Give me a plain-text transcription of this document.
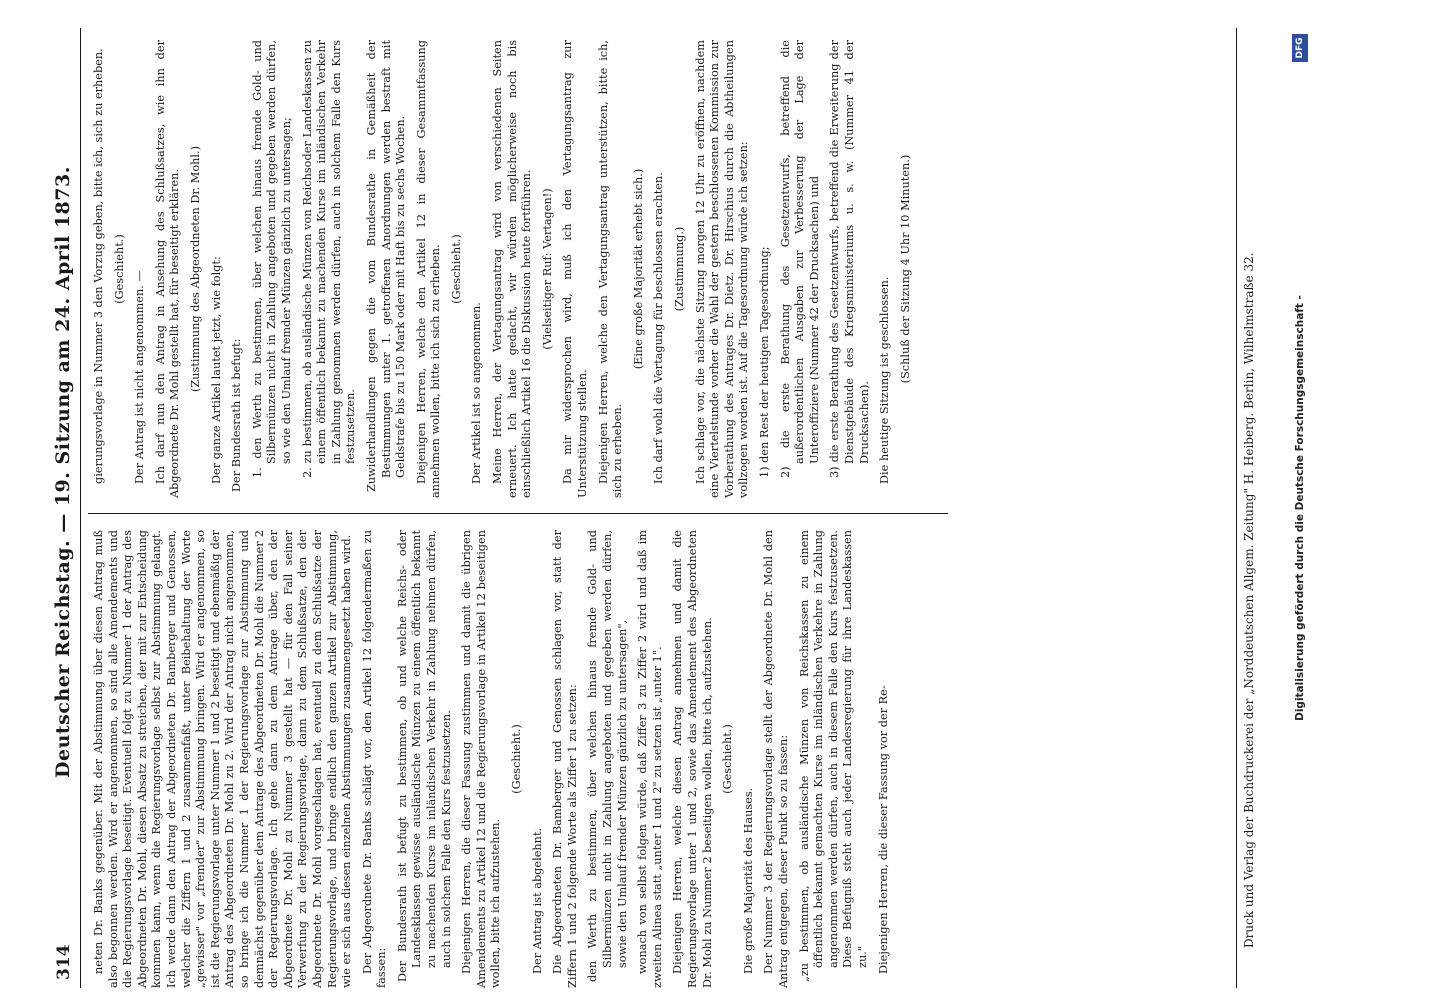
314
Deutscher Reichstag. — 19. Sitzung am 24. April 1873. neten Dr. Banks gegenüber. Mit der Abstimmung über diesen Antrag muß also begonnen werden. Wird er angenommen, so sind alle Amendements und die Regierungsvorlage beseitigt. Eventuell folgt zu Nummer 1 der Antrag des Abgeordneten Dr. Mohl, diesen Absatz zu streichen, der mit zur Entscheidung kommen kann, wenn die Regierungsvorlage selbst zur Abstimmung gelangt. Ich werde dann den Antrag der Abgeordneten Dr. Bamberger und Genossen, welcher die Ziffern 1 und 2 zusammenfaßt, unter Beibehaltung der Worte „gewisser" vor „fremder" zur Abstimmung bringen. Wird er angenommen, so ist die Regierungsvorlage unter Nummer 1 und 2 beseitigt und ebenmäßig der Antrag des Abgeordneten Dr. Mohl zu 2. Wird der Antrag nicht angenommen, so bringe ich die Nummer 1 der Regierungsvorlage zur Abstimmung und demnächst gegenüber dem Antrage des Abgeordneten Dr. Mohl die Nummer 2 der Regierungsvorlage. Ich gehe dann zu dem Antrage über, den der Abgeordnete Dr. Mohl zu Nummer 3 gestellt hat — für den Fall seiner Verwerfung zu der Regierungsvorlage, dann zu dem Schlußsatze, den der Abgeordnete Dr. Mohl vorgeschlagen hat, eventuell zu dem Schlußsatze der Regierungsvorlage, und bringe endlich den ganzen Artikel zur Abstimmung, wie er sich aus diesen einzelnen Abstimmungen zusammengesetzt haben wird. Der Abgeordnete Dr. Banks schlägt vor, den Artikel 12 folgendermaßen zu fassen: Der Bundesrath ist befugt zu bestimmen, ob und welche Reichs- oder Landesklassen gewisse ausländische Münzen zu einem öffentlich bekannt zu machenden Kurse im inländischen Verkehr in Zahlung nehmen dürfen, auch in solchem Falle den Kurs festzusetzen. Diejenigen Herren, die dieser Fassung zustimmen und damit die übrigen Amendements zu Artikel 12 und die Regierungsvorlage in Artikel 12 beseitigen wollen, bitte ich aufzustehen.

(Geschieht.)

Der Antrag ist abgelehnt. Die Abgeordneten Dr. Bamberger und Genossen schlagen vor, statt der Ziffern 1 und 2 folgende Worte als Ziffer 1 zu setzen: den Werth zu bestimmen, über welchen hinaus fremde Gold- und Silbermünzen nicht in Zahlung angeboten und gegeben werden dürfen, sowie den Umlauf fremder Münzen gänzlich zu untersagen", wonach von selbst folgen würde, daß Ziffer 3 zu Ziffer 2 wird und daß im zweiten Alinea statt „unter 1 und 2" zu setzen ist „unter 1". Diejenigen Herren, welche diesen Antrag annehmen und damit die Regierungsvorlage unter 1 und 2, sowie das Amendement des Abgeordneten Dr. Mohl zu Nummer 2 beseitigen wollen, bitte ich, aufzustehen. (Geschieht.)

Die große Majorität des Hauses. Der Nummer 3 der Regierungsvorlage stellt der Abgeordnete Dr. Mohl den Antrag entgegen, dieser Punkt so zu fassen: „zu bestimmen, ob ausländische Münzen von Reichskassen zu einem öffentlich bekannt gemachten Kurse im inländischen Verkehre in Zahlung angenommen werden dürfen, auch in diesem Falle den Kurs festzusetzen. Diese Befugniß steht auch jeder Landesregierung für ihre Landeskassen zu." Diejenigen Herren, die dieser Fassung vor der Re-

gierungsvorlage in Nummer 3 den Vorzug geben, bitte ich, sich zu erheben. (Geschieht.)

Der Antrag ist nicht angenommen. — Ich darf nun den Antrag in Ansehung des Schlußsatzes, wie ihn der Abgeordnete Dr. Mohl gestellt hat, für beseitigt erklären. (Zustimmung des Abgeordneten Dr. Mohl.) Der ganze Artikel lautet jetzt, wie folgt: Der Bundesrath ist befugt: 1. den Werth zu bestimmen, über welchen hinaus fremde Gold- und Silbermünzen nicht in Zahlung angeboten und gegeben werden dürfen, so wie den Umlauf fremder Münzen gänzlich zu untersagen; 2. zu bestimmen, ob ausländische Münzen von Reichsoder Landeskassen zu einem öffentlich bekannt zu machenden Kurse im inländischen Verkehr in Zahlung genommen werden dürfen, auch in solchem Falle den Kurs festzusetzen. Zuwiderhandlungen gegen die vom Bundesrathe in Gemäßheit der Bestimmungen unter 1. getroffenen Anordnungen werden bestraft mit Geldstrafe bis zu 150 Mark oder mit Haft bis zu sechs Wochen. Diejenigen Herren, welche den Artikel 12 in dieser Gesammtfassung annehmen wollen, bitte ich sich zu erheben. (Geschieht.)

Der Artikel ist so angenommen. Meine Herren, der Vertagungsantrag wird von verschiedenen Seiten erneuert. Ich hatte gedacht, wir würden möglicherweise noch bis einschließlich Artikel 16 die Diskussion heute fortführen. (Vielseitiger Ruf: Vertagen!) Da mir widersprochen wird, muß ich den Vertagungsantrag zur Unterstützung stellen. Diejenigen Herren, welche den Vertagungsantrag unterstützen, bitte ich, sich zu erheben.

(Eine große Majorität erhebt sich.) Ich darf wohl die Vertagung für beschlossen erachten. (Zustimmung.) Ich schlage vor, die nächste Sitzung morgen 12 Uhr zu eröffnen, nachdem eine Viertelstunde vorher die Wahl der gestern beschlossenen Kommission zur Vorberathung des Antrages Dr. Dietz. Dr. Hirschius durch die Abtheilungen vollzogen worden ist. Auf die Tagesordnung würde ich setzen: 1) den Rest der heutigen Tagesordnung; 2) die erste Berathung des Gesetzentwurfs, betreffend die außerordentlichen Ausgaben zur Verbesserung der Lage der Unteroffiziere (Nummer 42 der Drucksachen) und 3) die erste Berathung des Gesetzentwurfs, betreffend die Erweiterung der Dienstgebäude des Kriegsministeriums u. s. w. (Nummer 41 der Drucksachen). Die heutige Sitzung ist geschlossen. (Schluß der Sitzung 4 Uhr 10 Minuten.)	Druck und Verlag der Buchdruckerei der „Norddeutschen Allgem. Zeitung" H. Heiberg. Berlin, Wilhelmstraße 32.	Digitalisierung gefördert durch die Deutsche Forschungsgemeinschaft -
DFG
